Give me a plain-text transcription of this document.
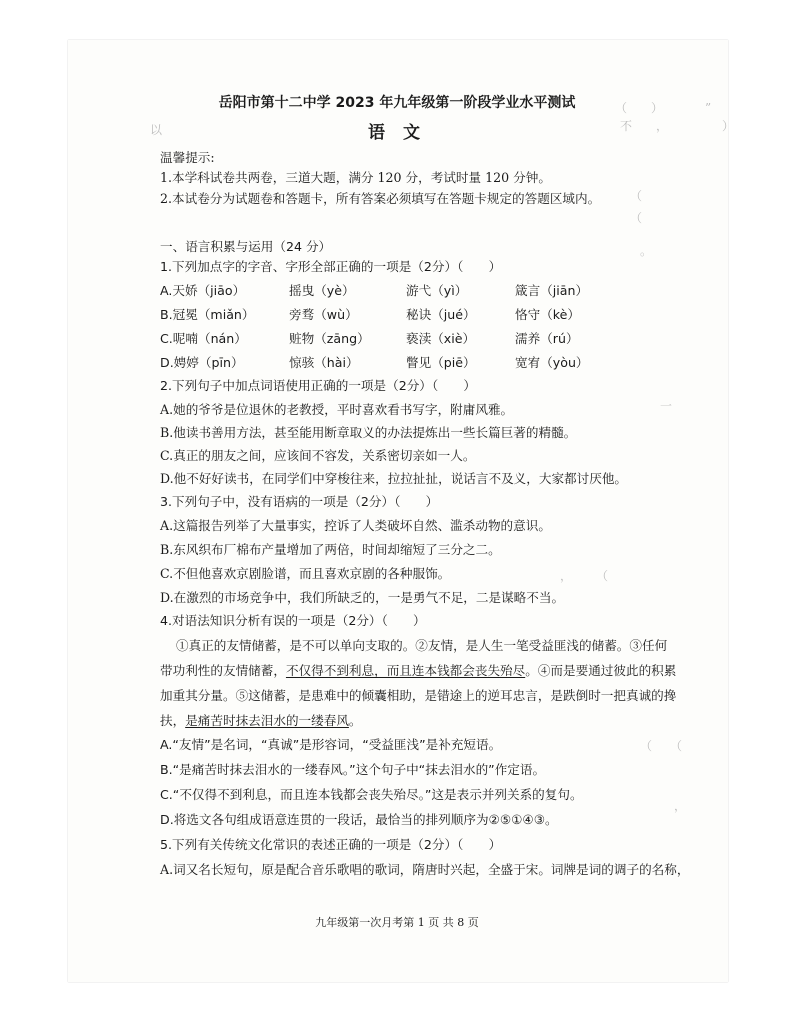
（　　）　　　　”
不　　，　　　　　）
以　　　　　　　　
（　　　　　　
（　　　
一
　　　　　。　　　
，　　　（　　　
（　　（
　　，
岳阳市第十二中学 2023 年九年级第一阶段学业水平测试
语 文
温馨提示:
1.本学科试卷共两卷，三道大题，满分 120 分，考试时量 120 分钟。
2.本试卷分为试题卷和答题卡，所有答案必须填写在答题卡规定的答题区域内。
一、语言积累与运用（24 分）
1.下列加点字的字音、字形全部正确的一项是（2分）（　　）
A.天娇（jiāo）	摇曳（yè）	游弋（yì）	箴言（jiān）
B.冠冕（miǎn）	旁骛（wù）	秘诀（jué）	恪守（kè）
C.呢喃（nán）	赃物（zāng）	亵渎（xiè）	濡养（rú）
D.娉婷（pīn）	惊骇（hài）	瞥见（piē）	宽宥（yòu）
2.下列句子中加点词语使用正确的一项是（2分）（　　）
A.她的爷爷是位退休的老教授，平时喜欢看书写字，附庸风雅。
B.他读书善用方法，甚至能用断章取义的办法提炼出一些长篇巨著的精髓。
C.真正的朋友之间，应该间不容发，关系密切亲如一人。
D.他不好好读书，在同学们中穿梭往来，拉拉扯扯，说话言不及义，大家都讨厌他。
3.下列句子中，没有语病的一项是（2分）（　　）
A.这篇报告列举了大量事实，控诉了人类破坏自然、滥杀动物的意识。
B.东风织布厂棉布产量增加了两倍，时间却缩短了三分之二。
C.不但他喜欢京剧脸谱，而且喜欢京剧的各种服饰。
D.在激烈的市场竞争中，我们所缺乏的，一是勇气不足，二是谋略不当。
4.对语法知识分析有误的一项是（2分）（　　）
①真正的友情储蓄，是不可以单向支取的。②友情，是人生一笔受益匪浅的储蓄。③任何
带功利性的友情储蓄，不仅得不到利息，而且连本钱都会丧失殆尽。④而是要通过彼此的积累
加重其分量。⑤这储蓄，是患难中的倾囊相助，是错途上的逆耳忠言，是跌倒时一把真诚的搀
扶，是痛苦时抹去泪水的一缕春风。
A.“友情”是名词，“真诚”是形容词，“受益匪浅”是补充短语。
B.“是痛苦时抹去泪水的一缕春风。”这个句子中“抹去泪水的”作定语。
C.“不仅得不到利息，而且连本钱都会丧失殆尽。”这是表示并列关系的复句。
D.将选文各句组成语意连贯的一段话，最恰当的排列顺序为②⑤①④③。
5.下列有关传统文化常识的表述正确的一项是（2分）（　　）
A.词又名长短句，原是配合音乐歌唱的歌词，隋唐时兴起，全盛于宋。词牌是词的调子的名称，
九年级第一次月考第 1 页 共 8 页
